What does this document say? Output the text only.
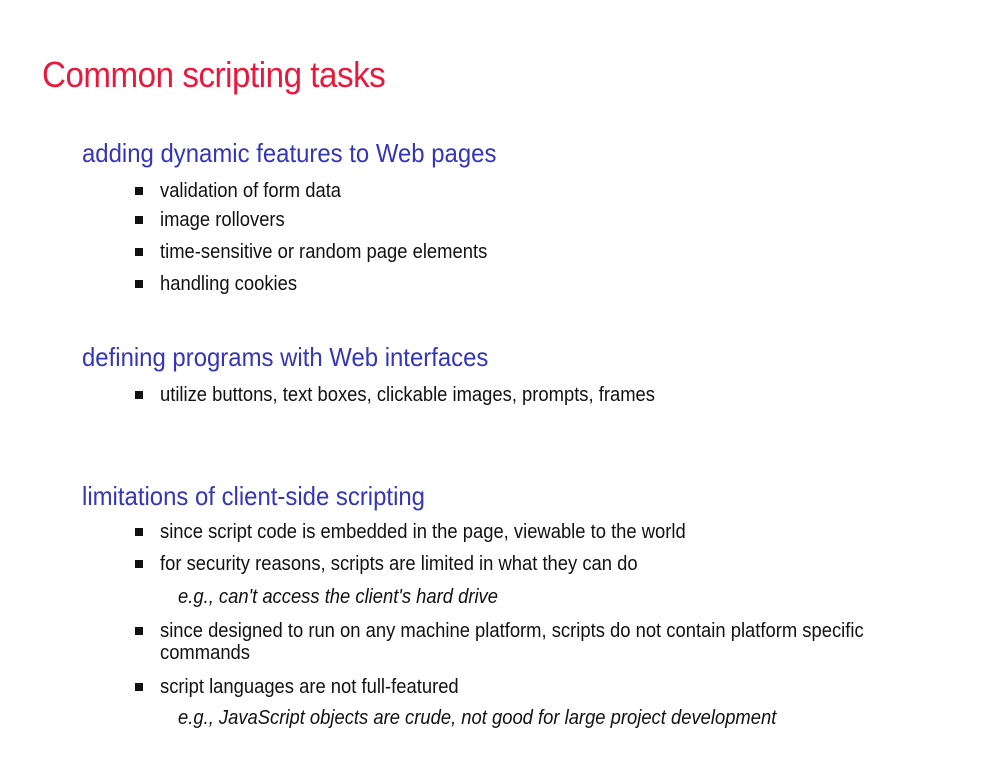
Common scripting tasks
adding dynamic features to Web pages
validation of form data
image rollovers
time-sensitive or random page elements
handling cookies
defining programs with Web interfaces
utilize buttons, text boxes, clickable images, prompts, frames
limitations of client-side scripting
since script code is embedded in the page, viewable to the world
for security reasons, scripts are limited in what they can do
e.g., can't access the client's hard drive
since designed to run on any machine platform, scripts do not contain platform specific commands
script languages are not full-featured
e.g., JavaScript objects are crude, not good for large project development
